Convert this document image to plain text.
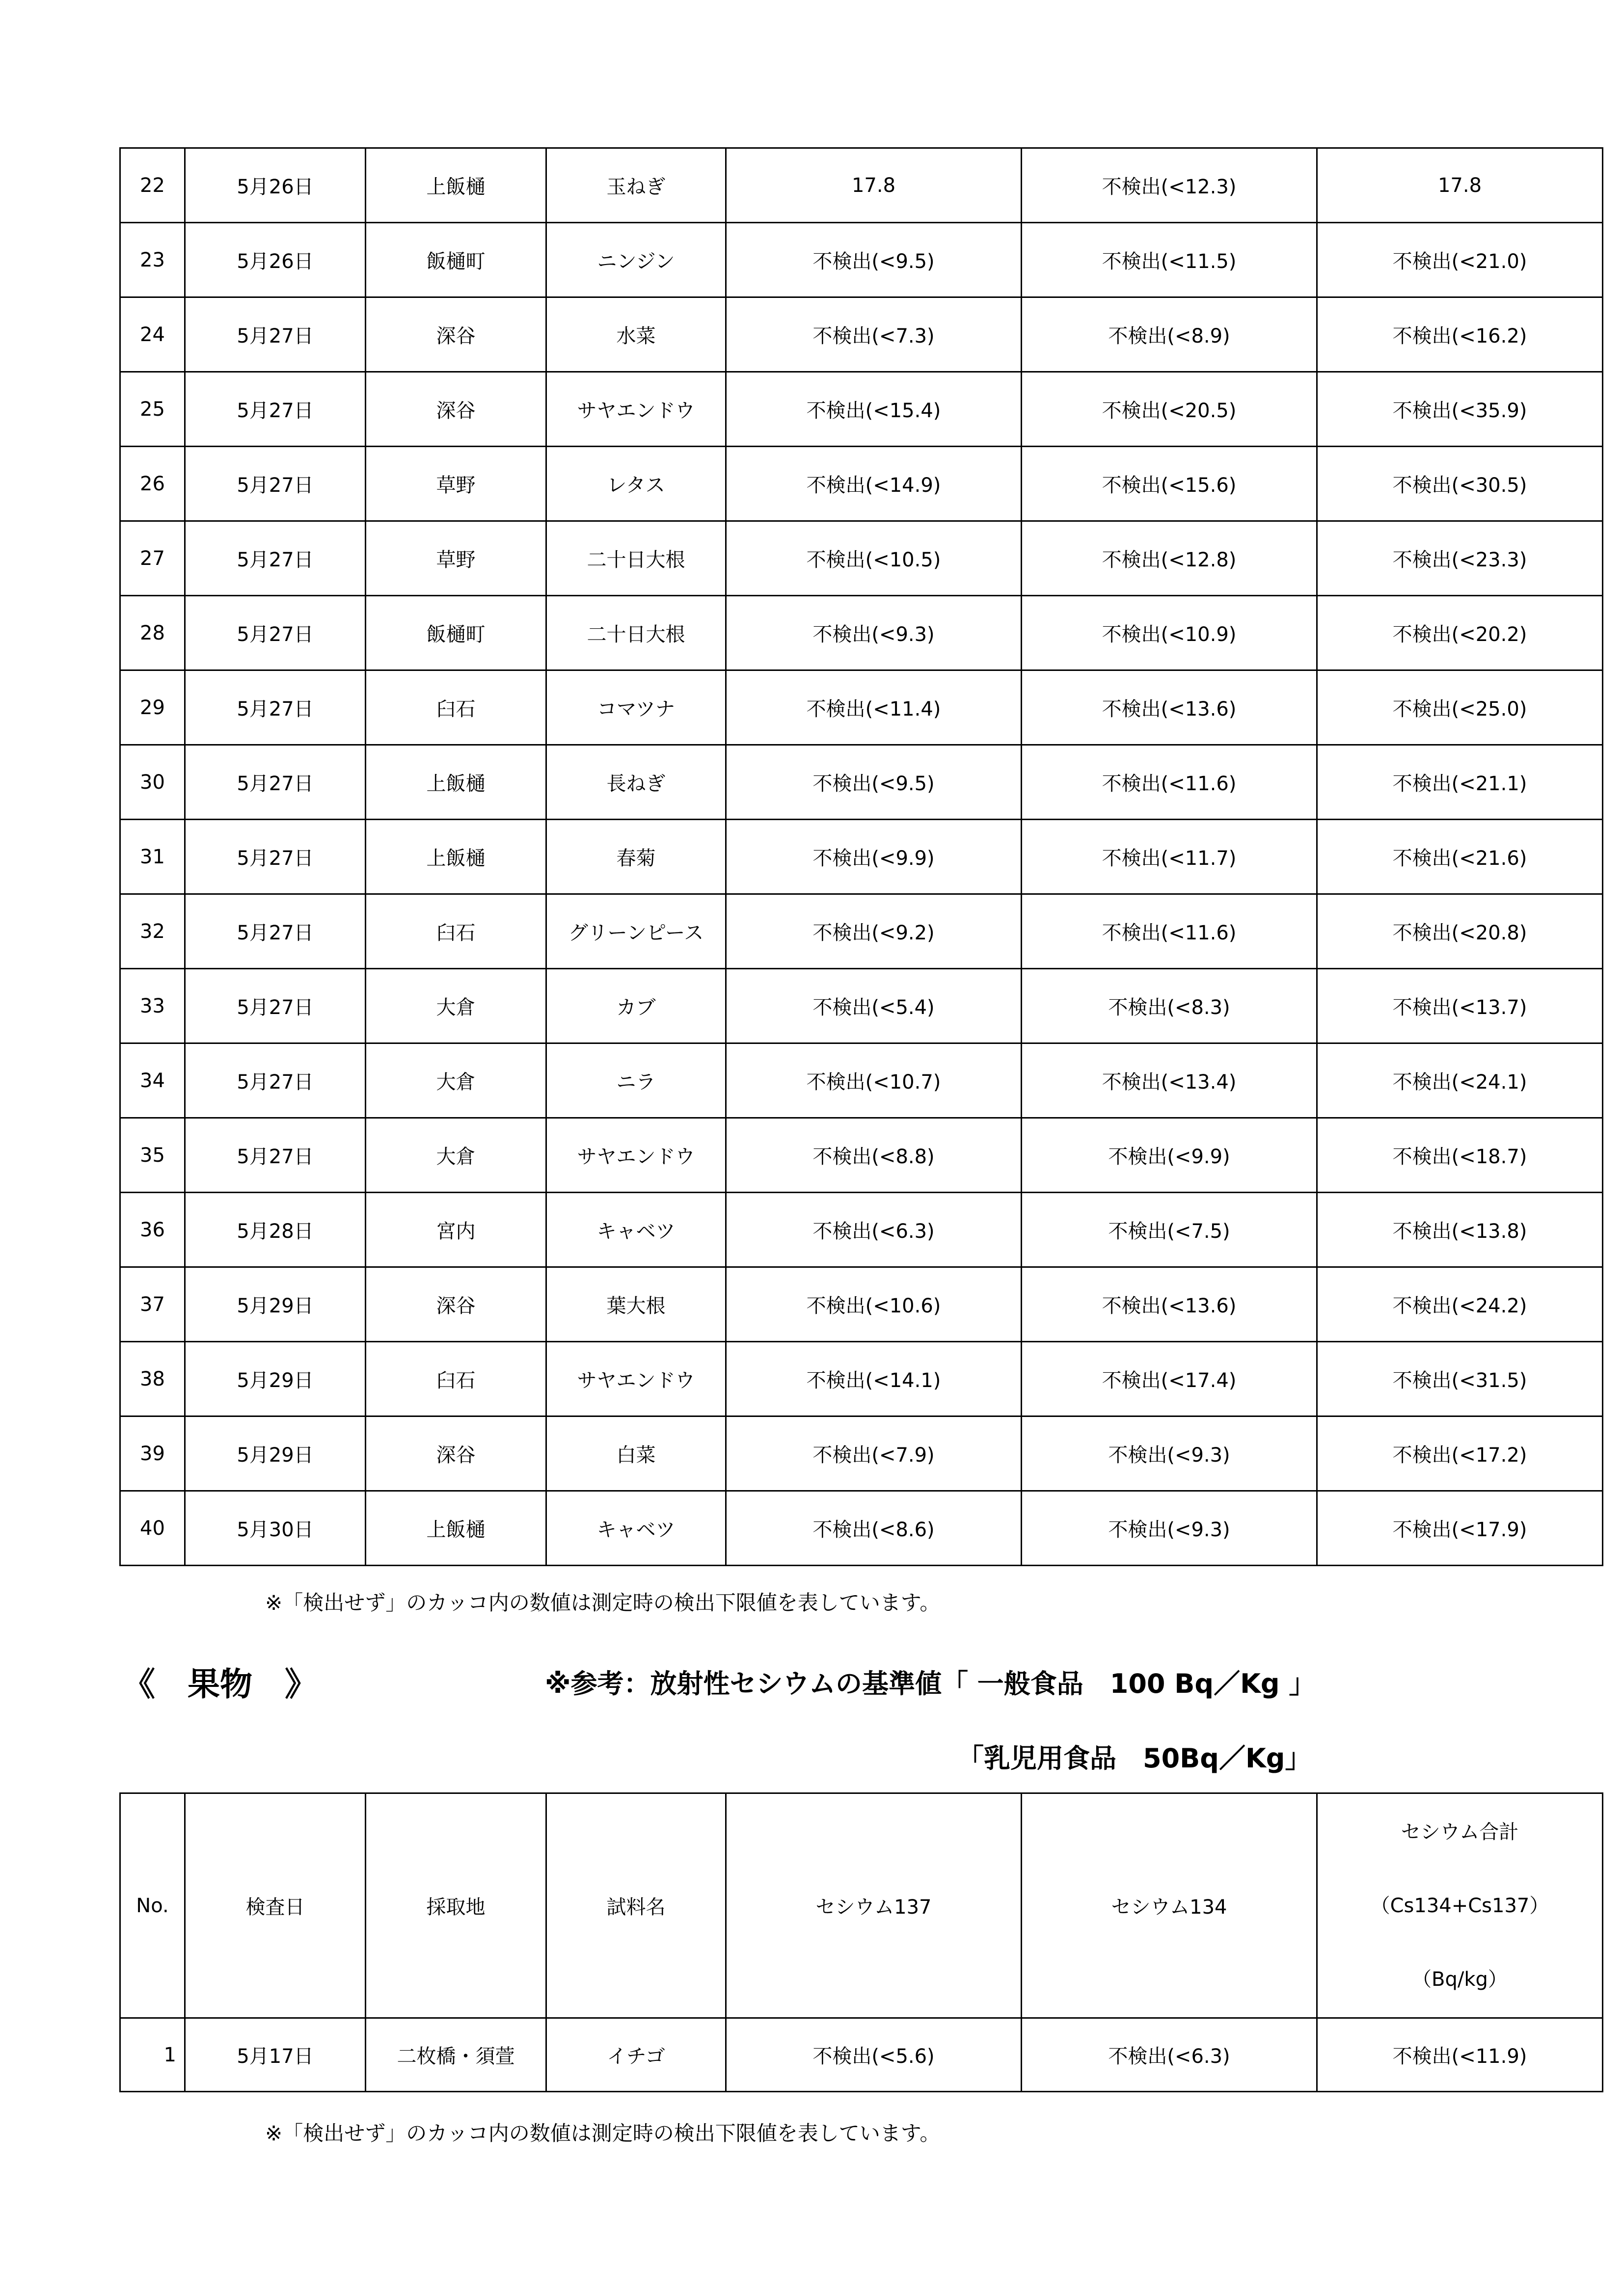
22	5月26日	上飯樋	玉ねぎ	17.8	不検出(<12.3)	17.8
23	5月26日	飯樋町	ニンジン	不検出(<9.5)	不検出(<11.5)	不検出(<21.0)
24	5月27日	深谷	水菜	不検出(<7.3)	不検出(<8.9)	不検出(<16.2)
25	5月27日	深谷	サヤエンドウ	不検出(<15.4)	不検出(<20.5)	不検出(<35.9)
26	5月27日	草野	レタス	不検出(<14.9)	不検出(<15.6)	不検出(<30.5)
27	5月27日	草野	二十日大根	不検出(<10.5)	不検出(<12.8)	不検出(<23.3)
28	5月27日	飯樋町	二十日大根	不検出(<9.3)	不検出(<10.9)	不検出(<20.2)
29	5月27日	臼石	コマツナ	不検出(<11.4)	不検出(<13.6)	不検出(<25.0)
30	5月27日	上飯樋	長ねぎ	不検出(<9.5)	不検出(<11.6)	不検出(<21.1)
31	5月27日	上飯樋	春菊	不検出(<9.9)	不検出(<11.7)	不検出(<21.6)
32	5月27日	臼石	グリーンピース	不検出(<9.2)	不検出(<11.6)	不検出(<20.8)
33	5月27日	大倉	カブ	不検出(<5.4)	不検出(<8.3)	不検出(<13.7)
34	5月27日	大倉	ニラ	不検出(<10.7)	不検出(<13.4)	不検出(<24.1)
35	5月27日	大倉	サヤエンドウ	不検出(<8.8)	不検出(<9.9)	不検出(<18.7)
36	5月28日	宮内	キャベツ	不検出(<6.3)	不検出(<7.5)	不検出(<13.8)
37	5月29日	深谷	葉大根	不検出(<10.6)	不検出(<13.6)	不検出(<24.2)
38	5月29日	臼石	サヤエンドウ	不検出(<14.1)	不検出(<17.4)	不検出(<31.5)
39	5月29日	深谷	白菜	不検出(<7.9)	不検出(<9.3)	不検出(<17.2)
40	5月30日	上飯樋	キャベツ	不検出(<8.6)	不検出(<9.3)	不検出(<17.9)
※「検出せず」のカッコ内の数値は測定時の検出下限値を表しています。
《　果物　》	※参考：放射性セシウムの基準値「 一般食品　100 Bq／Kg 」
「乳児用食品　50Bq／Kg」
No.	検査日	採取地	試料名	セシウム137	セシウム134	セシウム合計
（Cs134+Cs137）
（Bq/kg）

1	5月17日	二枚橋・須萱	イチゴ	不検出(<5.6)	不検出(<6.3)	不検出(<11.9)
※「検出せず」のカッコ内の数値は測定時の検出下限値を表しています。
